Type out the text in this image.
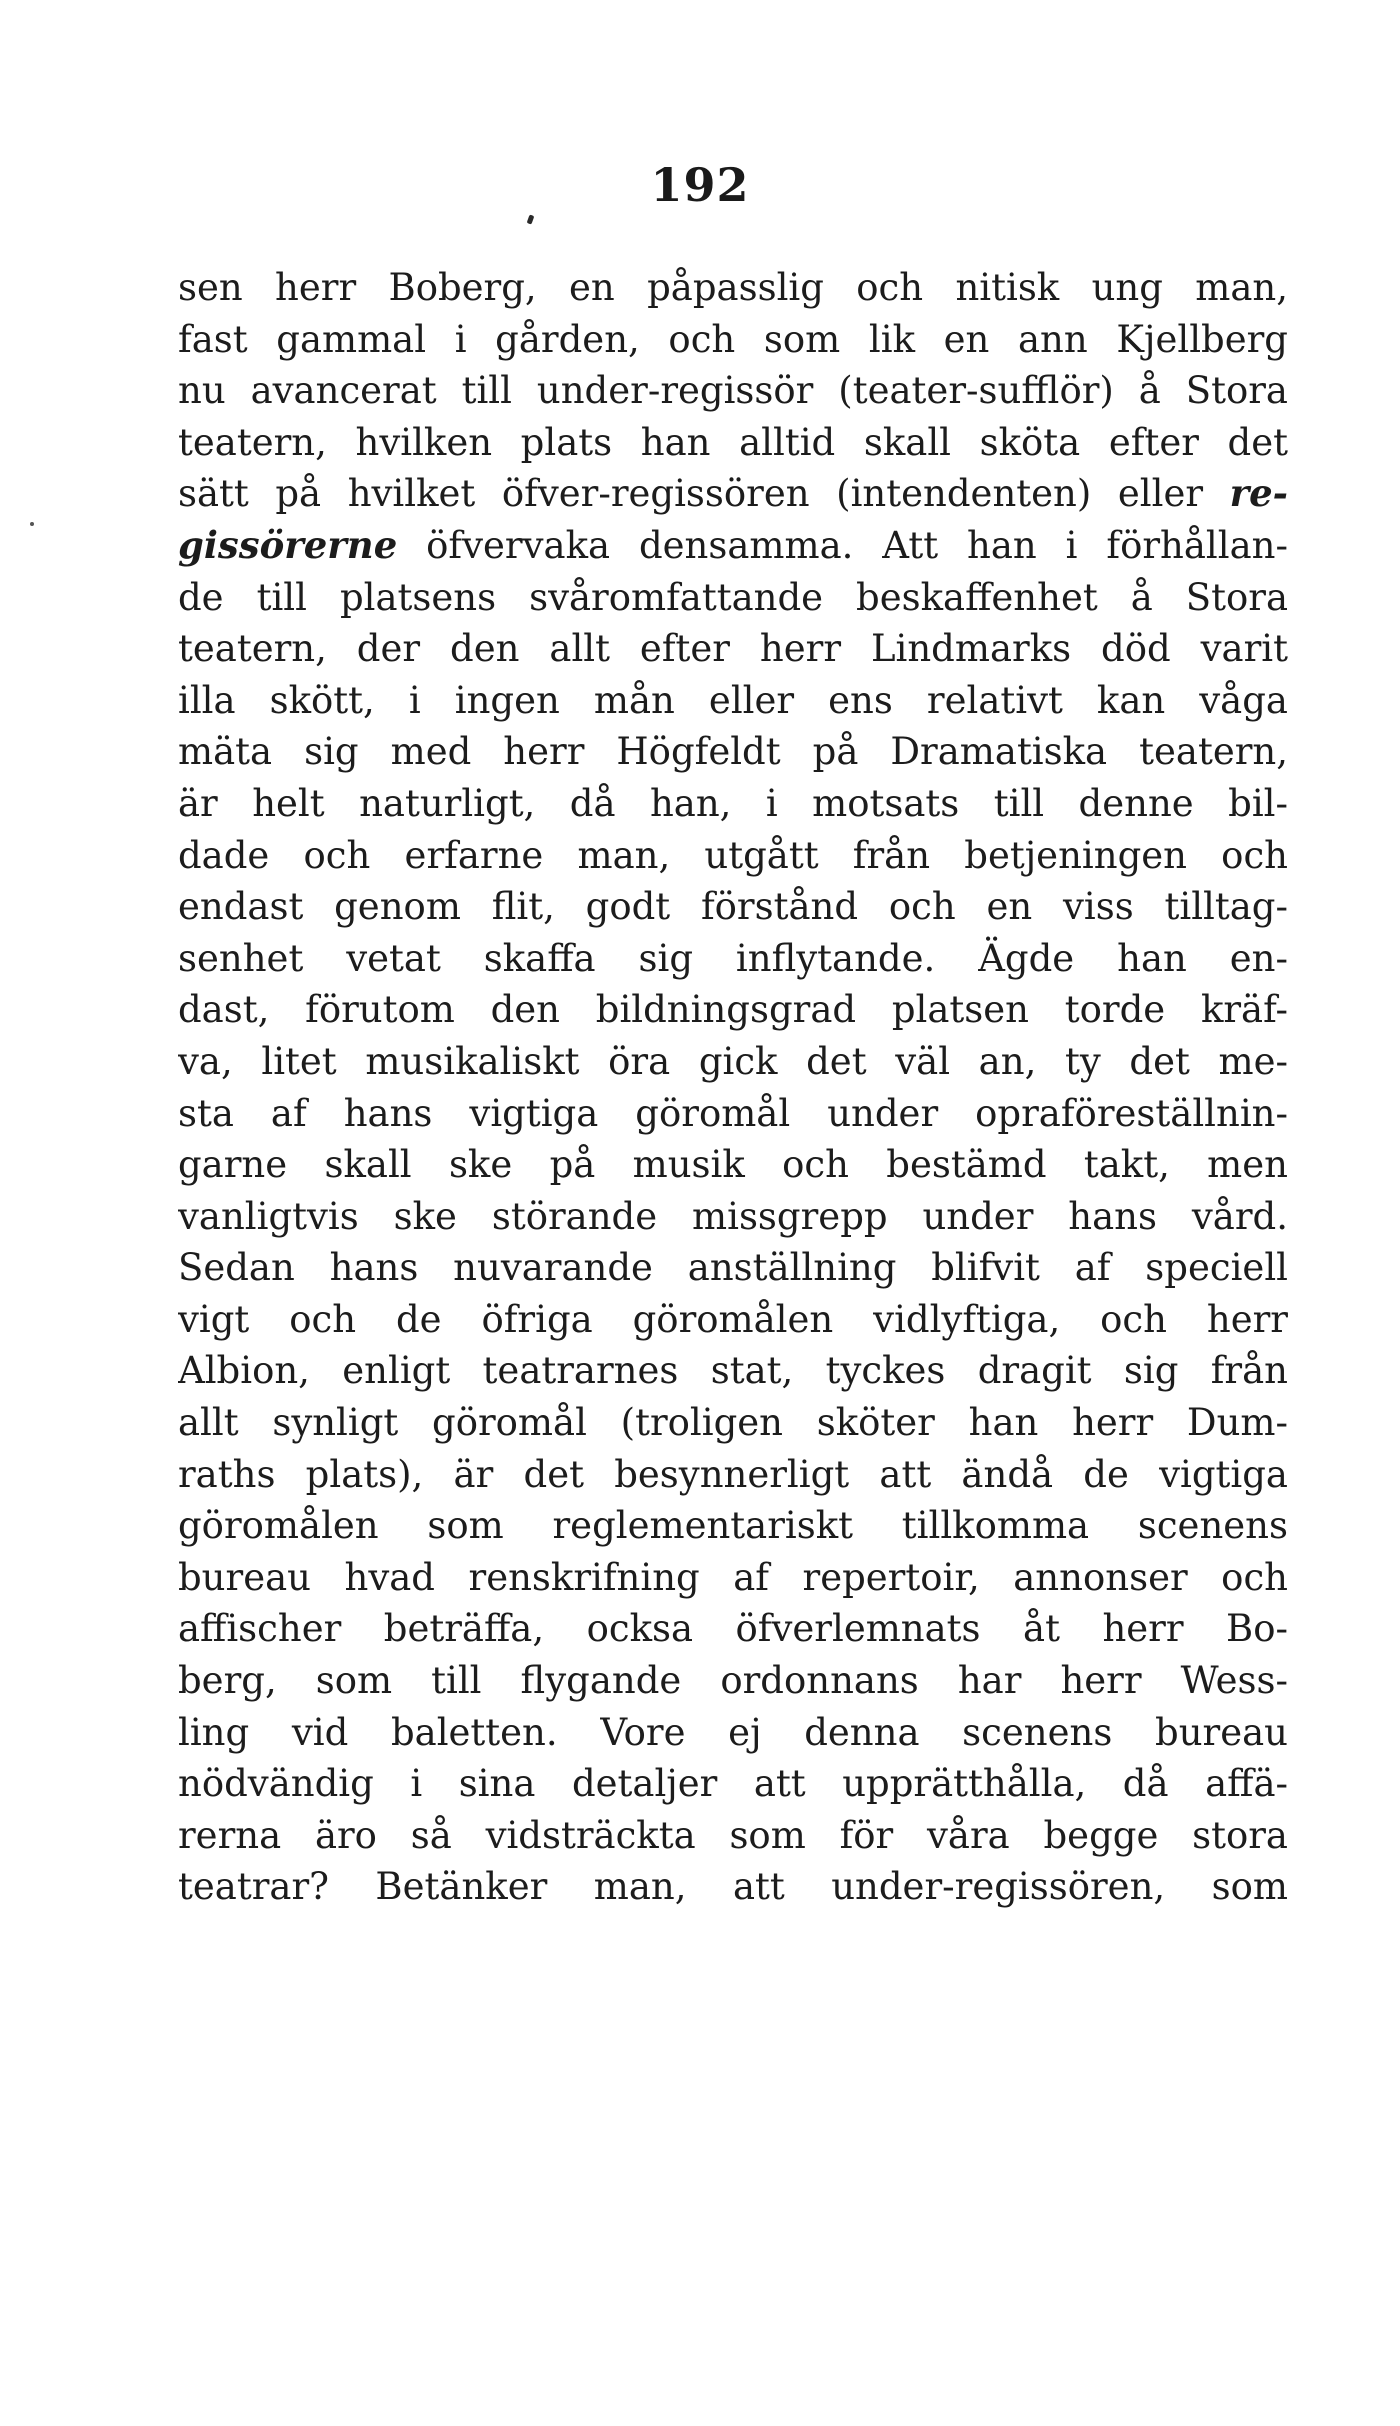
192
sen herr Boberg, en påpasslig och nitisk ung man,
fast gammal i gården, och som lik en ann Kjellberg
nu avancerat till under-regissör (teater-sufflör) å Stora
teatern, hvilken plats han alltid skall sköta efter det
sätt på hvilket öfver-regissören (intendenten) eller re-
gissörerne öfvervaka densamma. Att han i förhållan-
de till platsens svåromfattande beskaffenhet å Stora
teatern, der den allt efter herr Lindmarks död varit
illa skött, i ingen mån eller ens relativt kan våga
mäta sig med herr Högfeldt på Dramatiska teatern,
är helt naturligt, då han, i motsats till denne bil-
dade och erfarne man, utgått från betjeningen och
endast genom flit, godt förstånd och en viss tilltag-
senhet vetat skaffa sig inflytande. Ägde han en-
dast, förutom den bildningsgrad platsen torde kräf-
va, litet musikaliskt öra gick det väl an, ty det me-
sta af hans vigtiga göromål under opraföreställnin-
garne skall ske på musik och bestämd takt, men
vanligtvis ske störande missgrepp under hans vård.
Sedan hans nuvarande anställning blifvit af speciell
vigt och de öfriga göromålen vidlyftiga, och herr
Albion, enligt teatrarnes stat, tyckes dragit sig från
allt synligt göromål (troligen sköter han herr Dum-
raths plats), är det besynnerligt att ändå de vigtiga
göromålen som reglementariskt tillkomma scenens
bureau hvad renskrifning af repertoir, annonser och
affischer beträffa, ocksa öfverlemnats åt herr Bo-
berg, som till flygande ordonnans har herr Wess-
ling vid baletten. Vore ej denna scenens bureau
nödvändig i sina detaljer att upprätthålla, då affä-
rerna äro så vidsträckta som för våra begge stora
teatrar? Betänker man, att under-regissören, som
